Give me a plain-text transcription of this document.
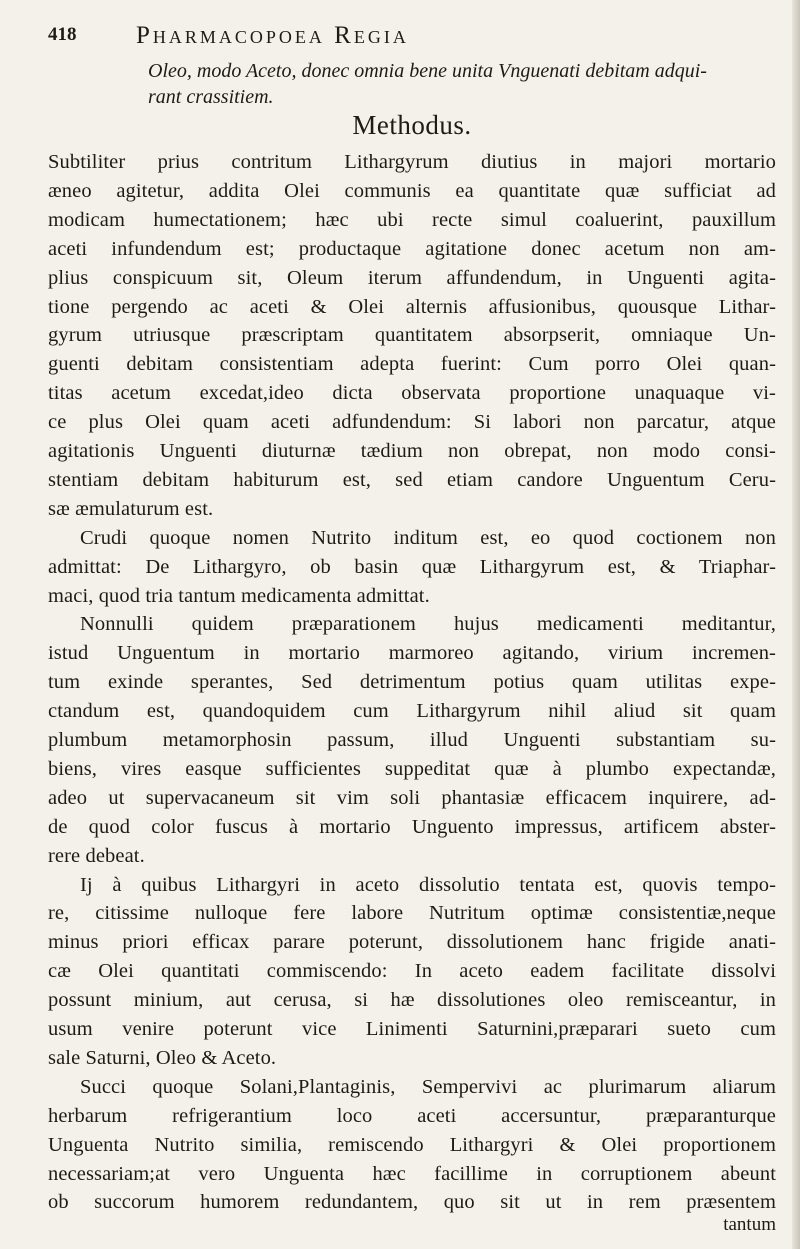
418 Pharmacopoea Regia
Oleo, modo Aceto, donec omnia bene unita Vnguenati debitam adqui-
rant crassitiem.
Methodus.
Subtiliter prius contritum Lithargyrum diutius in majori mortario
æneo agitetur, addita Olei communis ea quantitate quæ sufficiat ad
modicam humectationem; hæc ubi recte simul coaluerint, pauxillum
aceti infundendum est; productaque agitatione donec acetum non am-
plius conspicuum sit, Oleum iterum affundendum, in Unguenti agita-
tione pergendo ac aceti & Olei alternis affusionibus, quousque Lithar-
gyrum utriusque præscriptam quantitatem absorpserit, omniaque Un-
guenti debitam consistentiam adepta fuerint: Cum porro Olei quan-
titas acetum excedat,ideo dicta observata proportione unaquaque vi-
ce plus Olei quam aceti adfundendum: Si labori non parcatur, atque
agitationis Unguenti diuturnæ tædium non obrepat, non modo consi-
stentiam debitam habiturum est, sed etiam candore Unguentum Ceru-
sæ æmulaturum est.
Crudi quoque nomen Nutrito inditum est, eo quod coctionem non
admittat: De Lithargyro, ob basin quæ Lithargyrum est, & Triaphar-
maci, quod tria tantum medicamenta admittat.
Nonnulli quidem præparationem hujus medicamenti meditantur,
istud Unguentum in mortario marmoreo agitando, virium incremen-
tum exinde sperantes, Sed detrimentum potius quam utilitas expe-
ctandum est, quandoquidem cum Lithargyrum nihil aliud sit quam
plumbum metamorphosin passum, illud Unguenti substantiam su-
biens, vires easque sufficientes suppeditat quæ à plumbo expectandæ,
adeo ut supervacaneum sit vim soli phantasiæ efficacem inquirere, ad-
de quod color fuscus à mortario Unguento impressus, artificem abster-
rere debeat.
Ij à quibus Lithargyri in aceto dissolutio tentata est, quovis tempo-
re, citissime nulloque fere labore Nutritum optimæ consistentiæ,neque
minus priori efficax parare poterunt, dissolutionem hanc frigide anati-
cæ Olei quantitati commiscendo: In aceto eadem facilitate dissolvi
possunt minium, aut cerusa, si hæ dissolutiones oleo remisceantur, in
usum venire poterunt vice Linimenti Saturnini,præparari sueto cum
sale Saturni, Oleo & Aceto.
Succi quoque Solani,Plantaginis, Sempervivi ac plurimarum aliarum
herbarum refrigerantium loco aceti accersuntur, præparanturque
Unguenta Nutrito similia, remiscendo Lithargyri & Olei proportionem
necessariam;at vero Unguenta hæc facillime in corruptionem abeunt
ob succorum humorem redundantem, quo sit ut in rem præsentem
tantum
